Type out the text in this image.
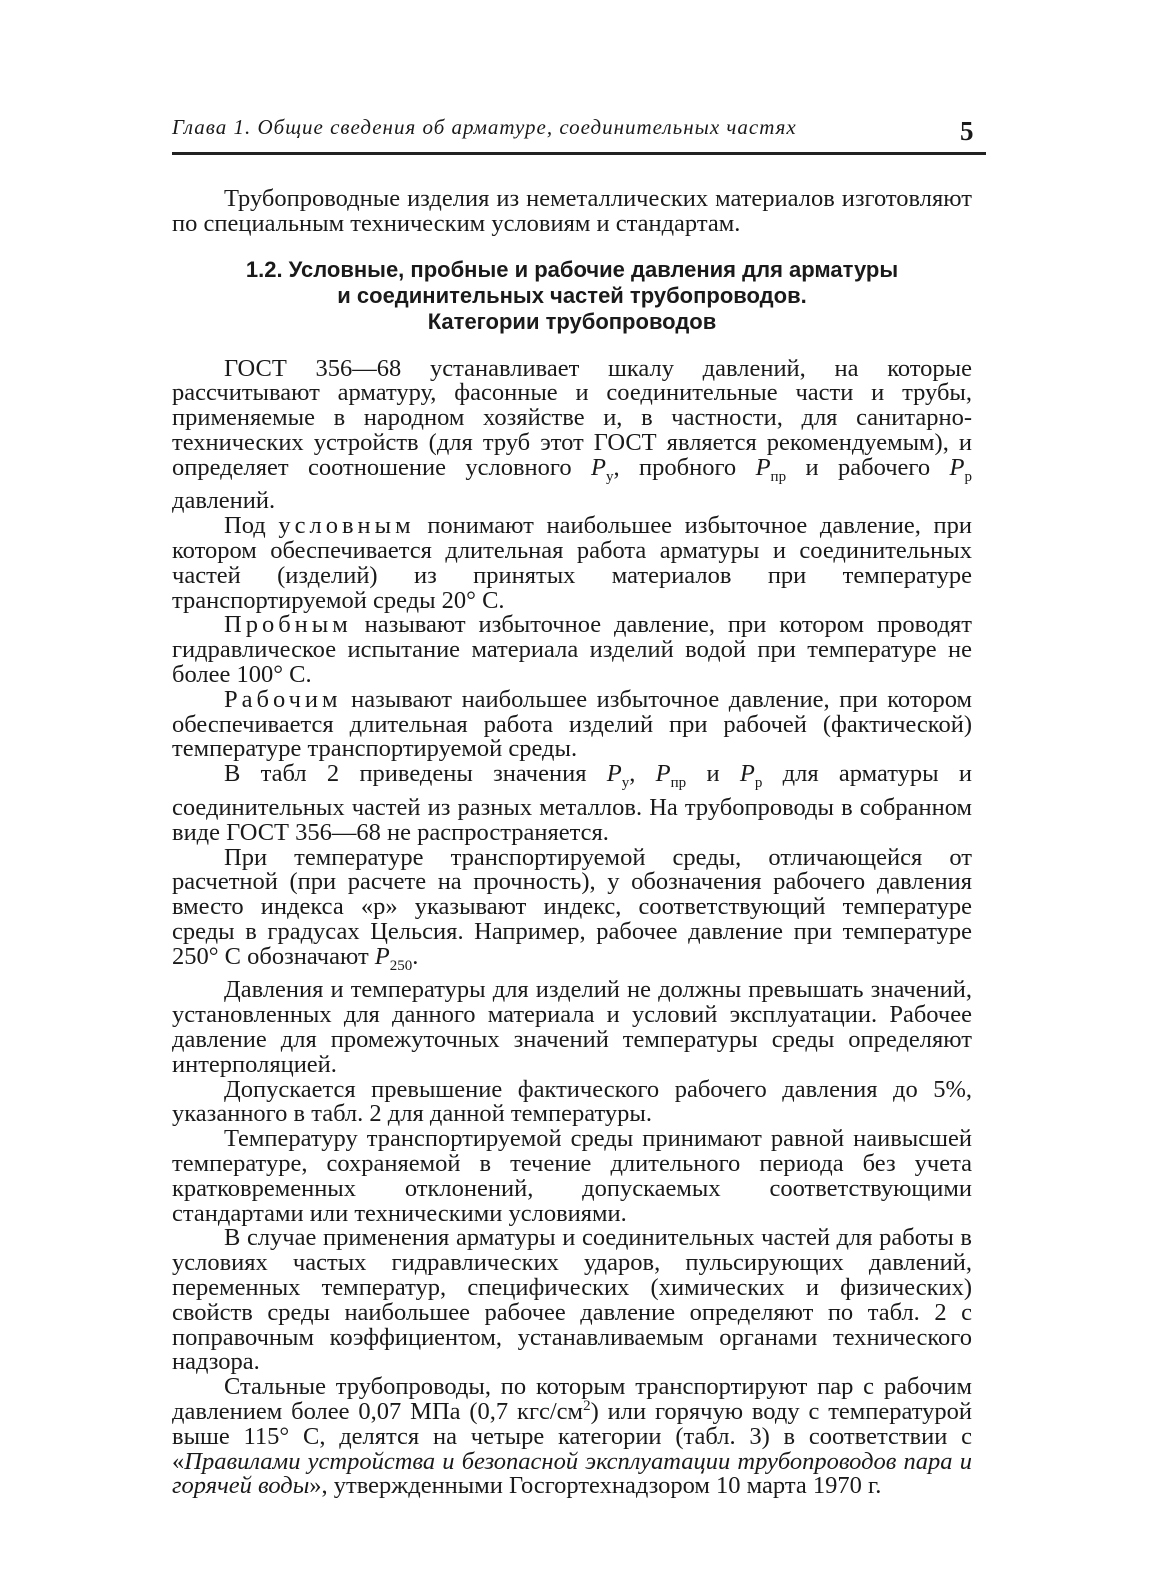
Глава 1. Общие сведения об арматуре, соединительных частях	5

Трубопроводные изделия из неметаллических материалов изготовляют по специальным техническим условиям и стандартам.

1.2. Условные, пробные и рабочие давления для арматуры
и соединительных частей трубопроводов.
Категории трубопроводов

ГОСТ 356—68 устанавливает шкалу давлений, на которые рассчитывают арматуру, фасонные и соединительные части и трубы, применяемые в народном хозяйстве и, в частности, для санитарно-технических устройств (для труб этот ГОСТ является рекомендуемым), и определяет соотношение условного $P_у$, пробного $P_{пр}$ и рабочего $P_р$ давлений.

Под условным понимают наибольшее избыточное давление, при котором обеспечивается длительная работа арматуры и соединительных частей (изделий) из принятых материалов при температуре транспортируемой среды 20° С.

Пробным называют избыточное давление, при котором проводят гидравлическое испытание материала изделий водой при температуре не более 100° С.

Рабочим называют наибольшее избыточное давление, при котором обеспечивается длительная работа изделий при рабочей (фактической) температуре транспортируемой среды.

В табл 2 приведены значения $P_у$, $P_{пр}$ и $P_р$ для арматуры и соединительных частей из разных металлов. На трубопроводы в собранном виде ГОСТ 356—68 не распространяется.

При температуре транспортируемой среды, отличающейся от расчетной (при расчете на прочность), у обозначения рабочего давления вместо индекса «р» указывают индекс, соответствующий температуре среды в градусах Цельсия. Например, рабочее давление при температуре 250° С обозначают $P_{250}$.

Давления и температуры для изделий не должны превышать значений, установленных для данного материала и условий эксплуатации. Рабочее давление для промежуточных значений температуры среды определяют интерполяцией.

Допускается превышение фактического рабочего давления до 5%, указанного в табл. 2 для данной температуры.

Температуру транспортируемой среды принимают равной наивысшей температуре, сохраняемой в течение длительного периода без учета кратковременных отклонений, допускаемых соответствующими стандартами или техническими условиями.

В случае применения арматуры и соединительных частей для работы в условиях частых гидравлических ударов, пульсирующих давлений, переменных температур, специфических (химических и физических) свойств среды наибольшее рабочее давление определяют по табл. 2 с поправочным коэффициентом, устанавливаемым органами технического надзора.

Стальные трубопроводы, по которым транспортируют пар с рабочим давлением более 0,07 МПа (0,7 кгс/$см^2$) или горячую воду с температурой выше 115° С, делятся на четыре категории (табл. 3) в соответствии с «Правилами устройства и безопасной эксплуатации трубопроводов пара и горячей воды», утвержденными Госгортехнадзором 10 марта 1970 г.
